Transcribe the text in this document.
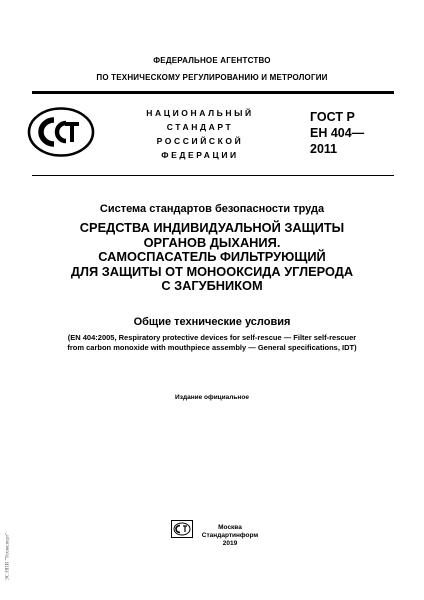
ФЕДЕРАЛЬНОЕ АГЕНТСТВО
ПО ТЕХНИЧЕСКОМУ РЕГУЛИРОВАНИЮ И МЕТРОЛОГИИ
НАЦИОНАЛЬНЫЙ
СТАНДАРТ
РОССИЙСКОЙ
ФЕДЕРАЦИИ
ГОСТ Р
ЕН 404—
2011
Система стандартов безопасности труда
СРЕДСТВА ИНДИВИДУАЛЬНОЙ ЗАЩИТЫ
ОРГАНОВ ДЫХАНИЯ.
САМОСПАСАТЕЛЬ ФИЛЬТРУЮЩИЙ
ДЛЯ ЗАЩИТЫ ОТ МОНООКСИДА УГЛЕРОДА
С ЗАГУБНИКОМ
Общие технические условия
(EN 404:2005, Respiratory protective devices for self-rescue — Filter self-rescuer
from carbon monoxide with mouthpiece assembly — General specifications, IDT)
Издание официальное
Москва
Стандартинформ
2019
ЭС НПИ "Техэксперт"
